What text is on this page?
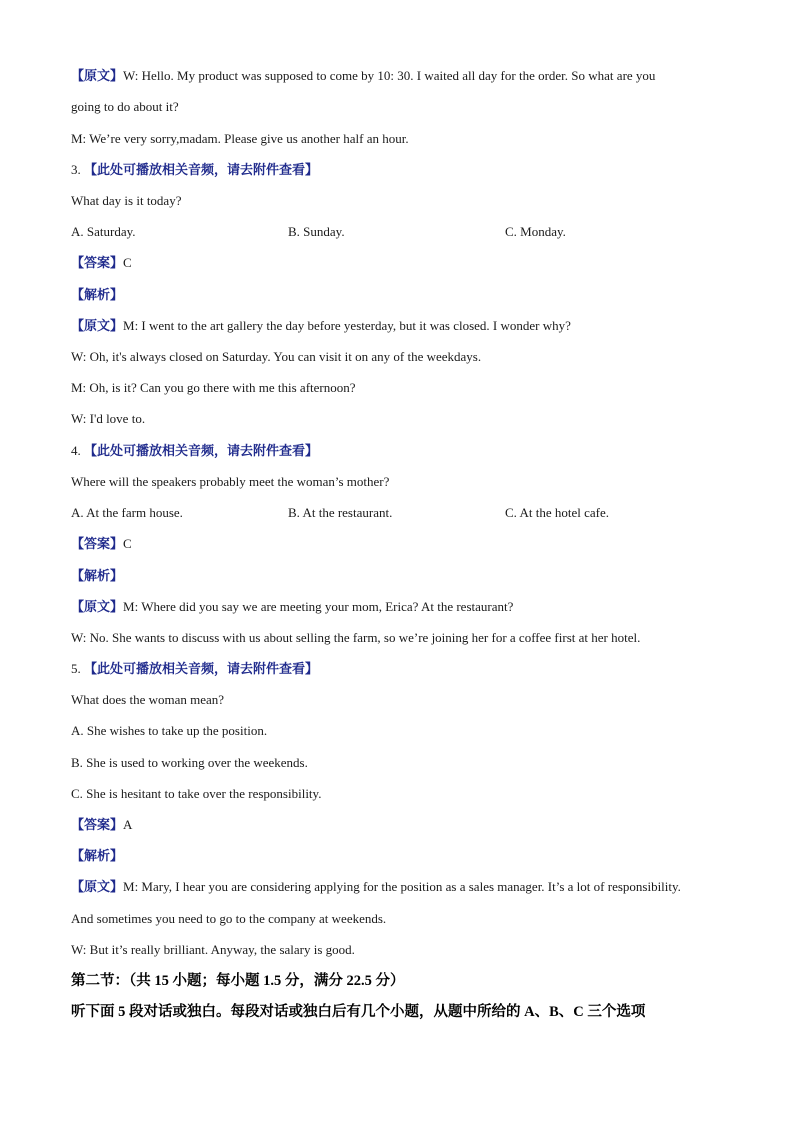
【原文】W: Hello. My product was supposed to come by 10: 30. I waited all day for the order. So what are you
going to do about it?
M: We’re very sorry,madam. Please give us another half an hour.
3. 【此处可播放相关音频，请去附件查看】
What day is it today?
A. Saturday.	B. Sunday.	C. Monday.
【答案】C
【解析】
【原文】M: I went to the art gallery the day before yesterday, but it was closed. I wonder why?
W: Oh, it's always closed on Saturday. You can visit it on any of the weekdays.
M: Oh, is it? Can you go there with me this afternoon?
W: I'd love to.
4. 【此处可播放相关音频，请去附件查看】
Where will the speakers probably meet the woman’s mother?
A. At the farm house.	B. At the restaurant.	C. At the hotel cafe.
【答案】C
【解析】
【原文】M: Where did you say we are meeting your mom, Erica? At the restaurant?
W: No. She wants to discuss with us about selling the farm, so we’re joining her for a coffee first at her hotel.
5. 【此处可播放相关音频，请去附件查看】
What does the woman mean?
A. She wishes to take up the position.
B. She is used to working over the weekends.
C. She is hesitant to take over the responsibility.
【答案】A
【解析】
【原文】M: Mary, I hear you are considering applying for the position as a sales manager. It’s a lot of responsibility.
And sometimes you need to go to the company at weekends.
W: But it’s really brilliant. Anyway, the salary is good.
第二节：（共 15 小题；每小题 1.5 分，满分 22.5 分）
听下面 5 段对话或独白。每段对话或独白后有几个小题，从题中所给的 A、B、C 三个选项
